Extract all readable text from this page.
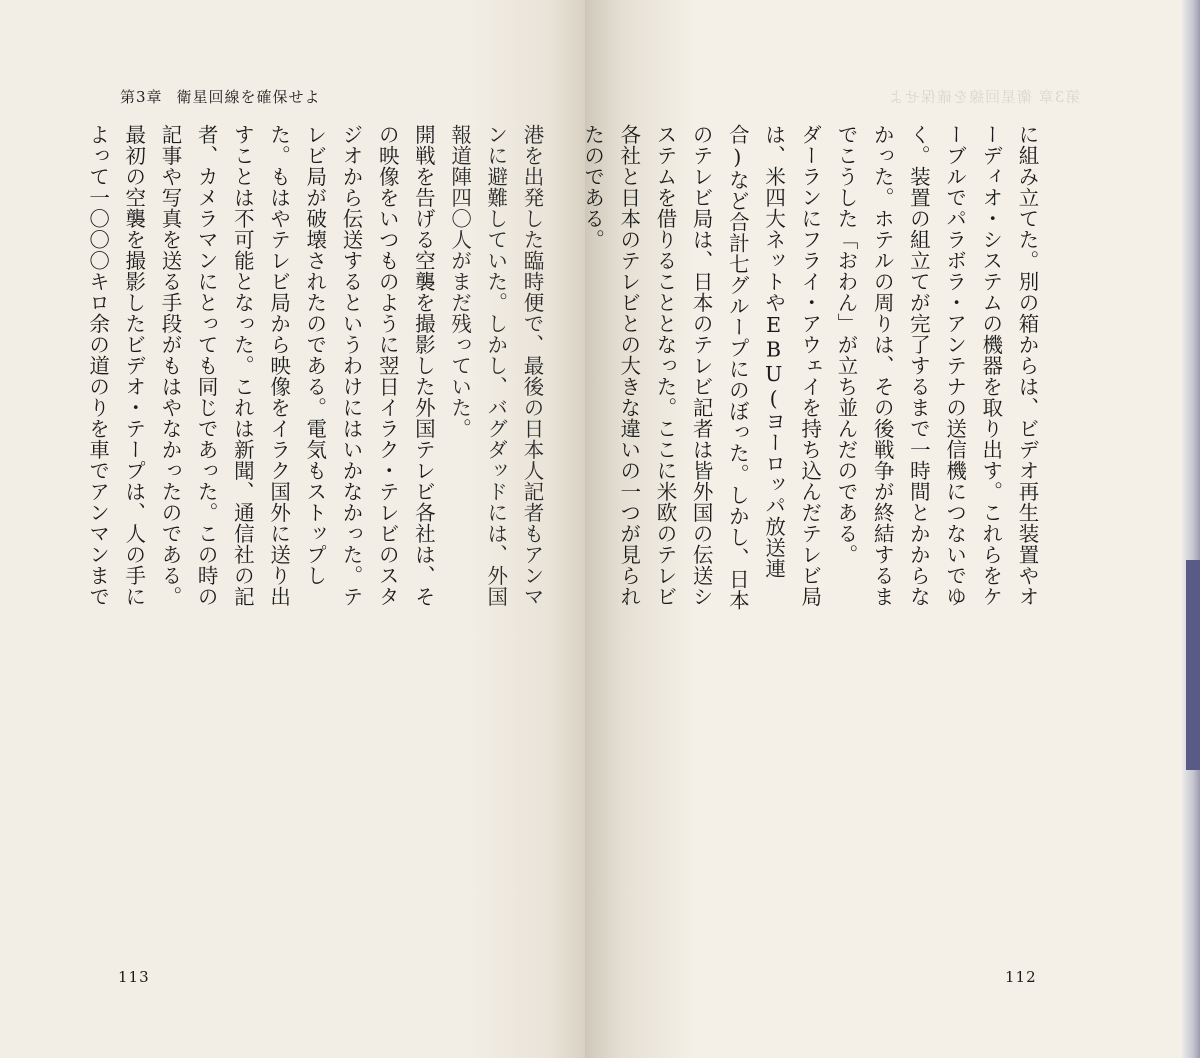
第3章 衛星回線を確保せよ	第3章 衛星回線を確保せよ
に組み立てた。別の箱からは、ビデオ再生装置やオーディオ・システムの機器を取り出す。これらをケーブルでパラボラ・アンテナの送信機につないでゆく。装置の組立てが完了するまで一時間とかからなかった。ホテルの周りは、その後戦争が終結するまでこうした「おわん」が立ち並んだのである。
ダーランにフライ・アウェイを持ち込んだテレビ局は、米四大ネットやEBU(ヨーロッパ放送連合)など合計七グループにのぼった。しかし、日本のテレビ局は、日本のテレビ記者は皆外国の伝送システムを借りることとなった。ここに米欧のテレビ各社と日本のテレビとの大きな違いの一つが見られたのである。
港を出発した臨時便で、最後の日本人記者もアンマンに避難していた。しかし、バグダッドには、外国報道陣四〇人がまだ残っていた。
開戦を告げる空襲を撮影した外国テレビ各社は、その映像をいつものように翌日イラク・テレビのスタジオから伝送するというわけにはいかなかった。テレビ局が破壊されたのである。電気もストップした。もはやテレビ局から映像をイラク国外に送り出すことは不可能となった。これは新聞、通信社の記者、カメラマンにとっても同じであった。この時の記事や写真を送る手段がもはやなかったのである。
最初の空襲を撮影したビデオ・テープは、人の手によって一〇〇〇キロ余の道のりを車でアンマンまで
113	112
